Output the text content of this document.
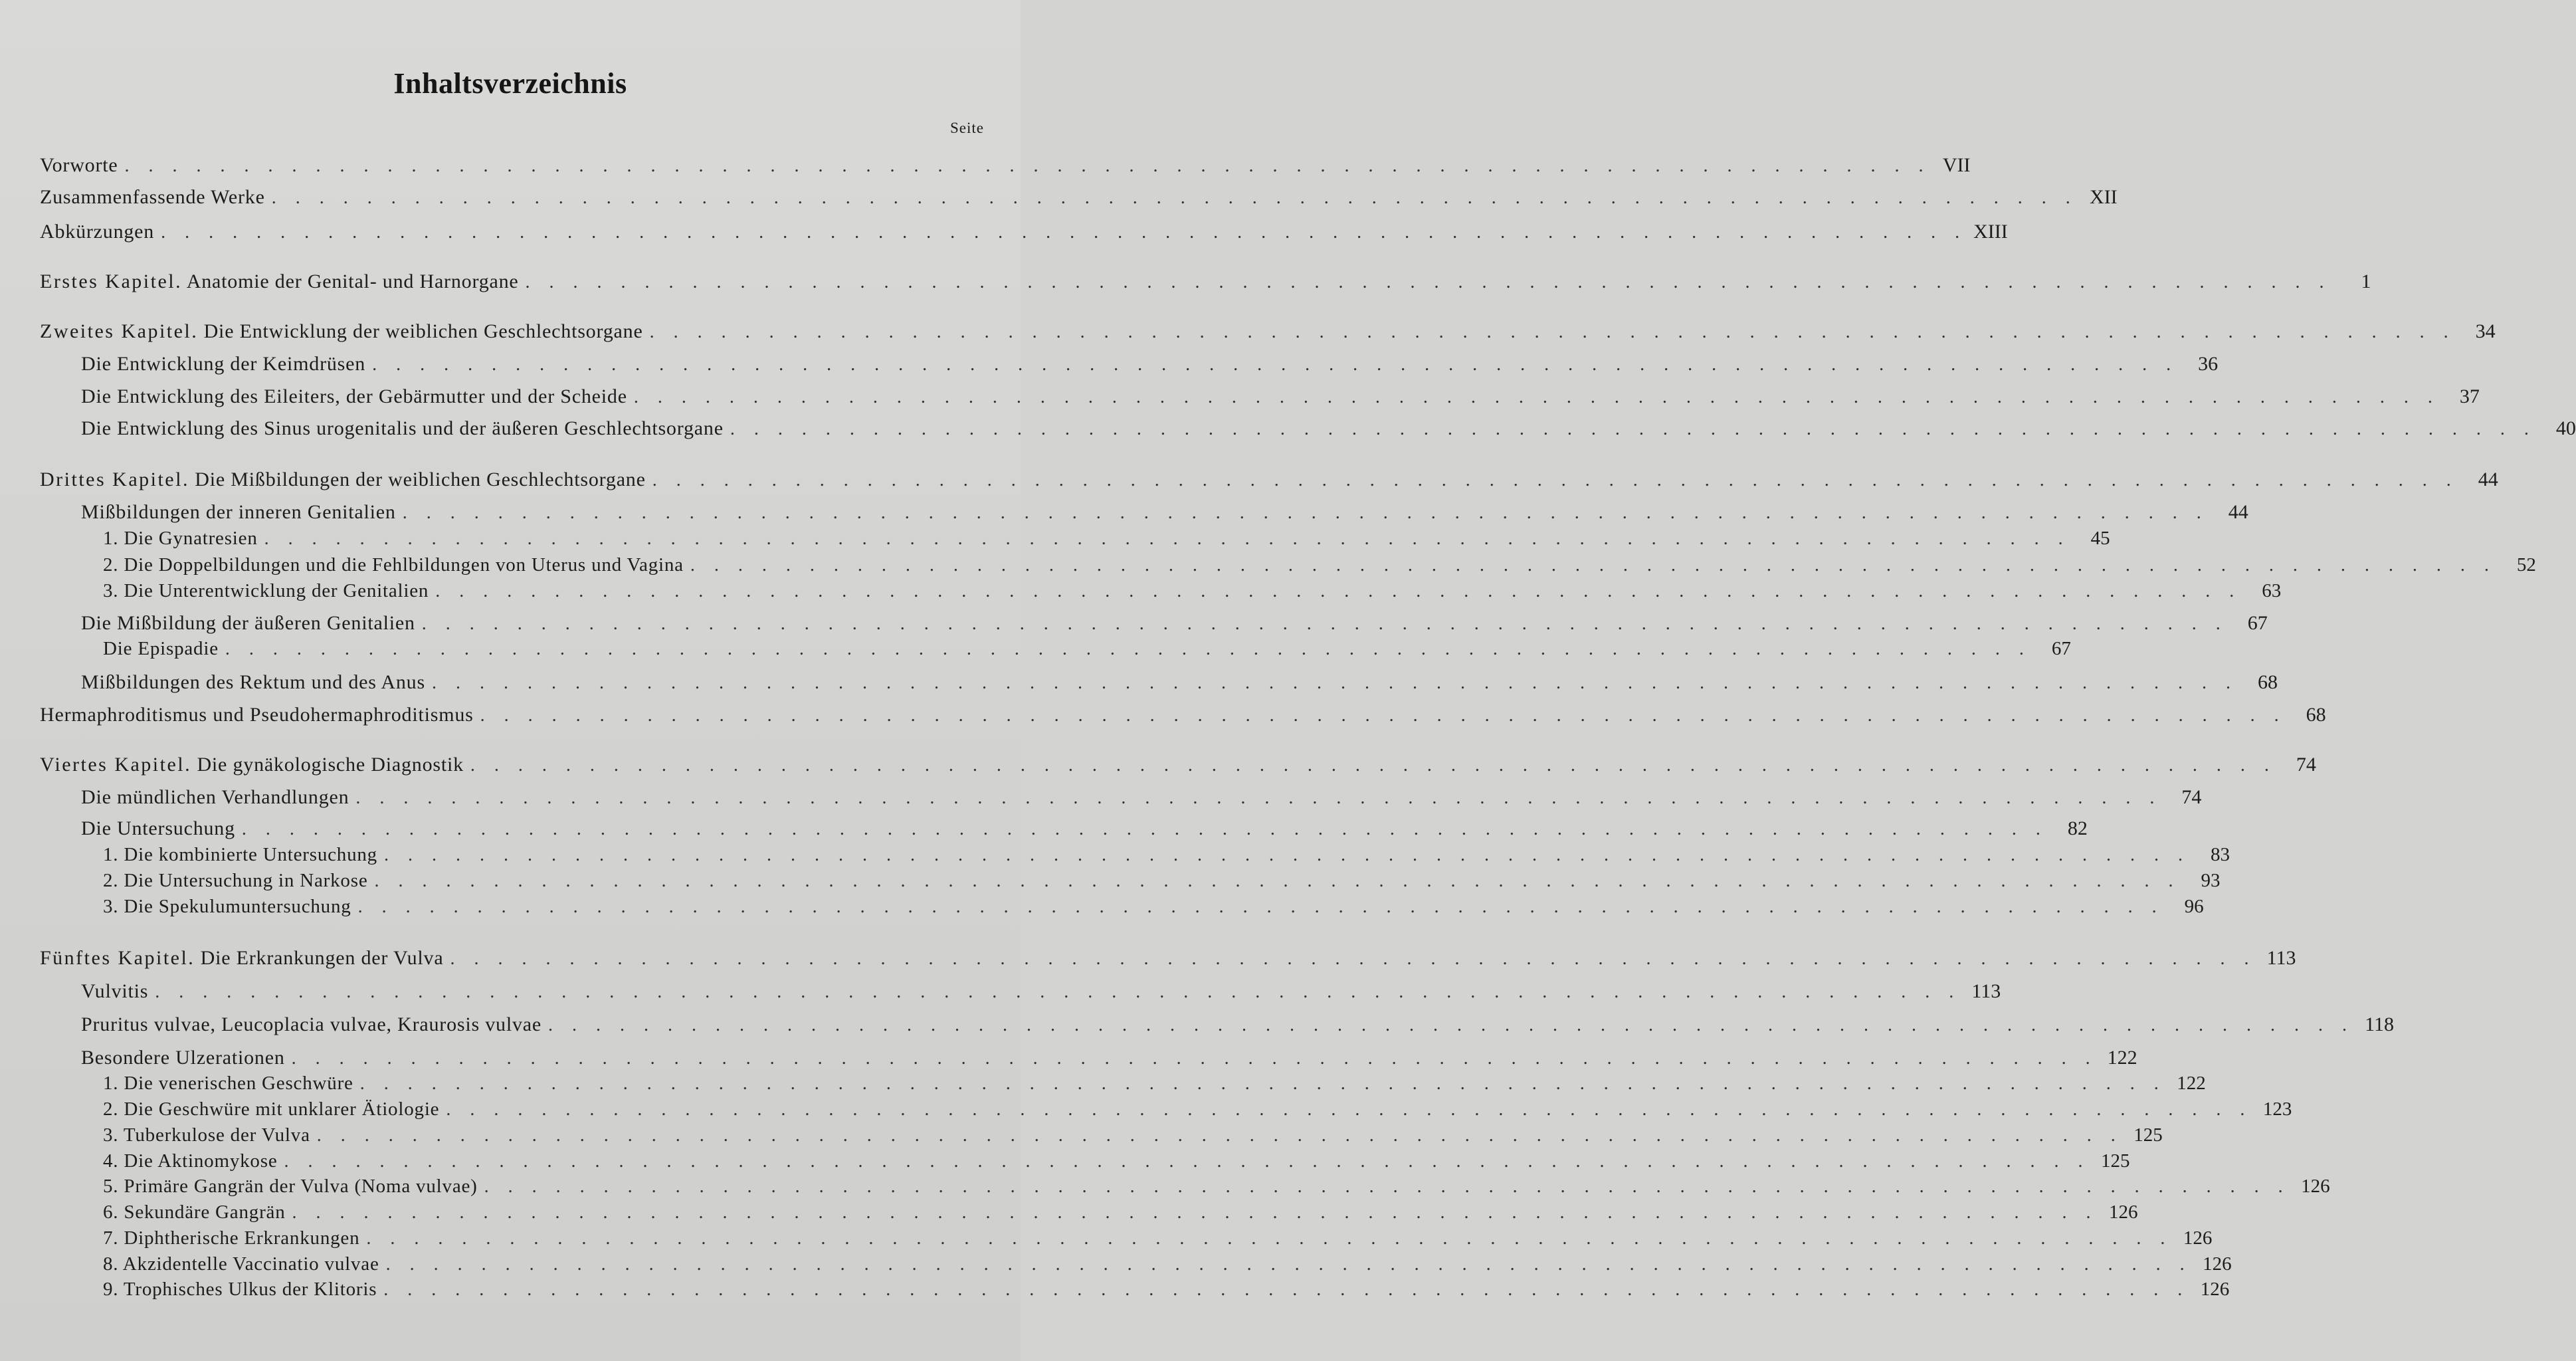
Inhaltsverzeichnis
Seite
Vorworte . . .	VII
Zusammenfassende Werke . . .	XII
Abkürzungen . . .	XIII
Erstes Kapitel. Anatomie der Genital- und Harnorgane . . .	1
Zweites Kapitel. Die Entwicklung der weiblichen Geschlechtsorgane . . .	34
Die Entwicklung der Keimdrüsen . . .	36
Die Entwicklung des Eileiters, der Gebärmutter und der Scheide . . .	37
Die Entwicklung des Sinus urogenitalis und der äußeren Geschlechtsorgane . . .	40
Drittes Kapitel. Die Mißbildungen der weiblichen Geschlechtsorgane . . .	44
Mißbildungen der inneren Genitalien . . .	44
1. Die Gynatresien . . .	45
2. Die Doppelbildungen und die Fehlbildungen von Uterus und Vagina . . .	52
3. Die Unterentwicklung der Genitalien . . .	63
Die Mißbildung der äußeren Genitalien . . .	67
Die Epispadie . . .	67
Mißbildungen des Rektum und des Anus . . .	68
Hermaphroditismus und Pseudohermaphroditismus . . .	68
Viertes Kapitel. Die gynäkologische Diagnostik . . .	74
Die mündlichen Verhandlungen . . .	74
Die Untersuchung . . .	82
1. Die kombinierte Untersuchung . . .	83
2. Die Untersuchung in Narkose . . .	93
3. Die Spekulumuntersuchung . . .	96
Fünftes Kapitel. Die Erkrankungen der Vulva . . .	113
Vulvitis . . .	113
Pruritus vulvae, Leucoplacia vulvae, Kraurosis vulvae . . .	118
Besondere Ulzerationen . . .	122
1. Die venerischen Geschwüre . . .	122
2. Die Geschwüre mit unklarer Ätiologie . . .	123
3. Tuberkulose der Vulva . . .	125
4. Die Aktinomykose . . .	125
5. Primäre Gangrän der Vulva (Noma vulvae) . . .	126
6. Sekundäre Gangrän . . .	126
7. Diphtherische Erkrankungen . . .	126
8. Akzidentelle Vaccinatio vulvae . . .	126
9. Trophisches Ulkus der Klitoris . . .	126
